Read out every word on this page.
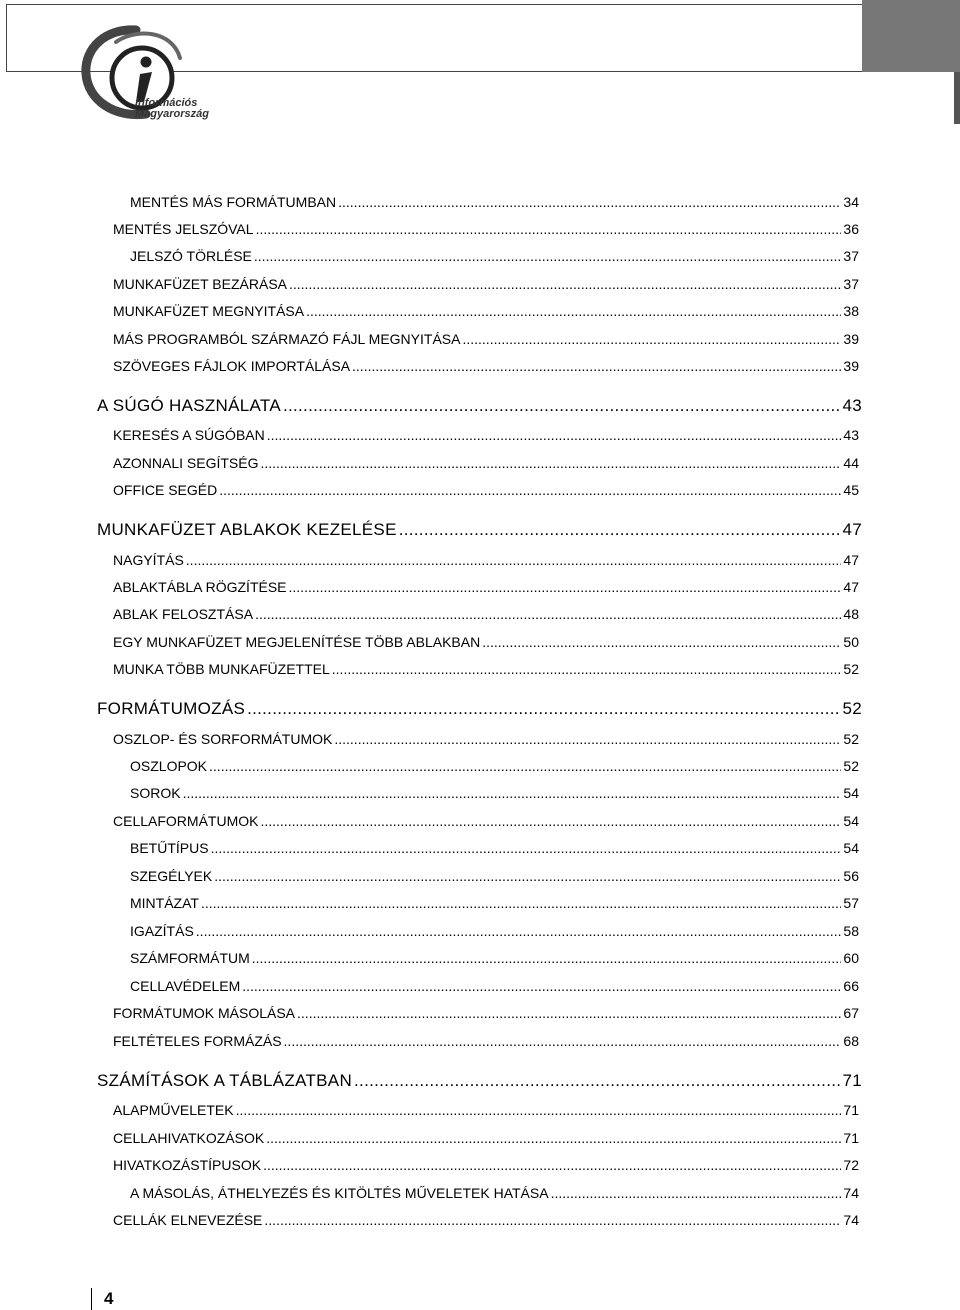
Információs
Magyarország
MENTÉS MÁS FORMÁTUMBAN .....	34
MENTÉS JELSZÓVAL .....	36
JELSZÓ TÖRLÉSE .....	37
MUNKAFÜZET BEZÁRÁSA .....	37
MUNKAFÜZET MEGNYITÁSA .....	38
MÁS PROGRAMBÓL SZÁRMAZÓ FÁJL MEGNYITÁSA .....	39
SZÖVEGES FÁJLOK IMPORTÁLÁSA .....	39
A SÚGÓ HASZNÁLATA .....	43
KERESÉS A SÚGÓBAN .....	43
AZONNALI SEGÍTSÉG .....	44
OFFICE SEGÉD .....	45
MUNKAFÜZET ABLAKOK KEZELÉSE .....	47
NAGYÍTÁS .....	47
ABLAKTÁBLA RÖGZÍTÉSE .....	47
ABLAK FELOSZTÁSA .....	48
EGY MUNKAFÜZET MEGJELENÍTÉSE TÖBB ABLAKBAN .....	50
MUNKA TÖBB MUNKAFÜZETTEL .....	52
FORMÁTUMOZÁS .....	52
OSZLOP- ÉS SORFORMÁTUMOK .....	52
OSZLOPOK .....	52
SOROK .....	54
CELLAFORMÁTUMOK .....	54
BETŰTÍPUS .....	54
SZEGÉLYEK .....	56
MINTÁZAT .....	57
IGAZÍTÁS .....	58
SZÁMFORMÁTUM .....	60
CELLAVÉDELEM .....	66
FORMÁTUMOK MÁSOLÁSA .....	67
FELTÉTELES FORMÁZÁS .....	68
SZÁMÍTÁSOK A TÁBLÁZATBAN .....	71
ALAPMŰVELETEK .....	71
CELLAHIVATKOZÁSOK .....	71
HIVATKOZÁSTÍPUSOK .....	72
A MÁSOLÁS, ÁTHELYEZÉS ÉS KITÖLTÉS MŰVELETEK HATÁSA .....	74
CELLÁK ELNEVEZÉSE .....	74
4
